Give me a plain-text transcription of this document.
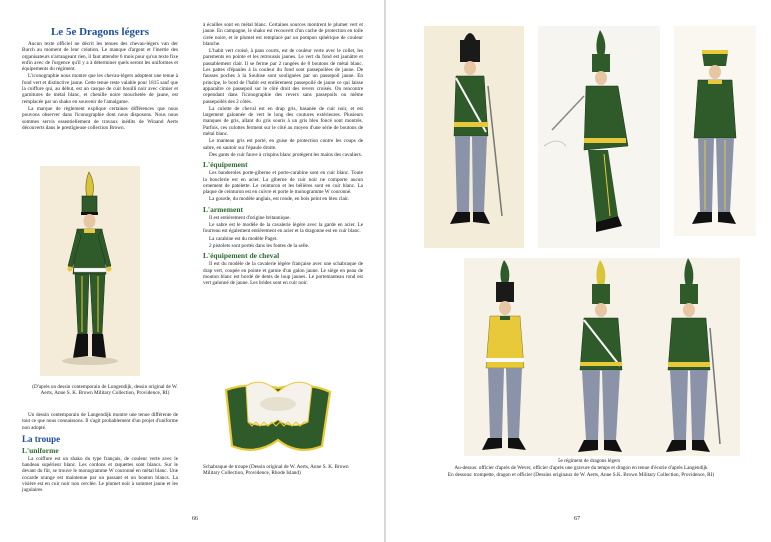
Le 5e Dragons légers

Aucun texte officiel ne décrit les tenues des chevau-légers van der Burch au moment de leur création. Le manque d'argent et l'inertie des organisateurs n'arrangeant rien, il faut attendre 6 mois pour qu'un texte fixe enfin avec de l'urgence qu'il y a à déterminer quels seront les uniformes et équipements du régiment.

L'iconographie nous montre que les chevau-légers adoptent une tenue à fond vert et distinctive jaune. Cette tenue reste valable pour 1815 sauf que la coiffure qui, au début, est un casque de cuir bouilli noir avec cimier et garnitures de métal blanc, et chenille noire mouchetée de jaune, est remplacée par un shako en souvenir de l'amalgame.

La marque de règlement explique certaines différences que nous pouvons observer dans l'iconographie dont nous disposons. Nous nous sommes servis essentiellement de travaux inédits de Winand Aerts découverts dans le prestigieuse collection Brown.

(D'après un dessin contemporain de Lungendijk, dessin original de W. Aerts, Anne S. K. Brown Military Collection, Providence, RI)

Un dessin contemporain de Langendijk montre une tenue différente de tout ce que nous connaissons. Il s'agit probablement d'un projet d'uniforme non adopté.

La troupe
L'uniforme

La coiffure est un shako du type français, de couleur verte avec le bandeau supérieur blanc. Les cordons et raquettes sont blancs. Sur le devant du fût, se trouve le monogramme W couronné en métal blanc. Une cocarde orange est maintenue par un passant et un bouton blancs. La visière est en cuir noir non cerclée. Le plumet noir à sommet jaune et les jugulaires

à écailles sont en métal blanc. Certaines sources montrent le plumet vert et jaune. En campagne, le shako est recouvert d'un cache de protection en toile cirée noire, et le plumet est remplacé par un pompon sphérique de couleur blanche.

L'habit vert croisé, à pans courts, est de couleur verte avec le collet, les parements en pointe et les retroussis jaunes. Le vert du fond est jaunâtre et passablement clair. Il se ferme par 2 rangées de 8 boutons de métal blanc. Les pattes d'épaules à la couleur du fond sont passepoilées de jaune. De fausses poches à la Soubise sont soulignées par un passepoil jaune. En principe, le bord de l'habit est entièrement passepoilé de jaune ce qui laisse apparaître ce passepoil sur le côté droit des revers croisés. On rencontre cependant dans l'iconographie des revers sans passepoils ou même passepoilés des 2 côtés.

La culotte de cheval est en drap gris, basanée de cuir noir, et est largement galonnée de vert le long des coutures extérieures. Plusieurs manques de gris, allant du gris souris à un gris bleu foncé sont montrés. Parfois, ces culottes ferment sur le côté au moyen d'une série de boutons de métal blanc.

Le manteau gris est porté, en guise de protection contre les coups de sabre, en sautoir sur l'épaule droite.

Des gants de cuir fauve à crispins blanc protègent les mains des cavaliers.

L'équipement

Les banderoles porte-giberne et porte-carabine sont en cuir blanc. Toute la bouclerie est en acier. La giberne de cuir noir ne comporte aucun ornement de patelette. Le ceinturon et les bélières sont en cuir blanc. La plaque de ceinturon est en cuivre et porte le monogramme W couronné.

La gourde, du modèle anglais, est ronde, en bois peint en bleu clair.

L'armement

Il est entièrement d'origine britannique.

Le sabre est le modèle de la cavalerie légère avec la garde en acier. Le fourreau est également entièrement en acier et la dragonne est en cuir blanc.

La carabine est du modèle Paget.

2 pistolets sont portés dans les fontes de la selle.

L'équipement de cheval

Il est du modèle de la cavalerie légère française avec une schabraque de drap vert, coupée en pointe et garnie d'un galon jaune. Le siège en peau de mouton blanc est bordé de dents de loup jaunes. Le portemanteau rond est vert galonné de jaune. Les brides sont en cuir noir.

Schabraque de troupe (Dessin original de W. Aerts, Anne S. K. Brown Military Collection, Providence, Rhode Island)
66
5e régiment de dragons légers
Au-dessus: officier d'après de Wever, officier d'après une gravure du temps et dragon en tenue d'écurie d'après Langendijk
En dessous: trompette, dragon et officier (Dessins originaux de W. Aerts, Anne S.K. Brown Military Collection, Providence, RI)
67
